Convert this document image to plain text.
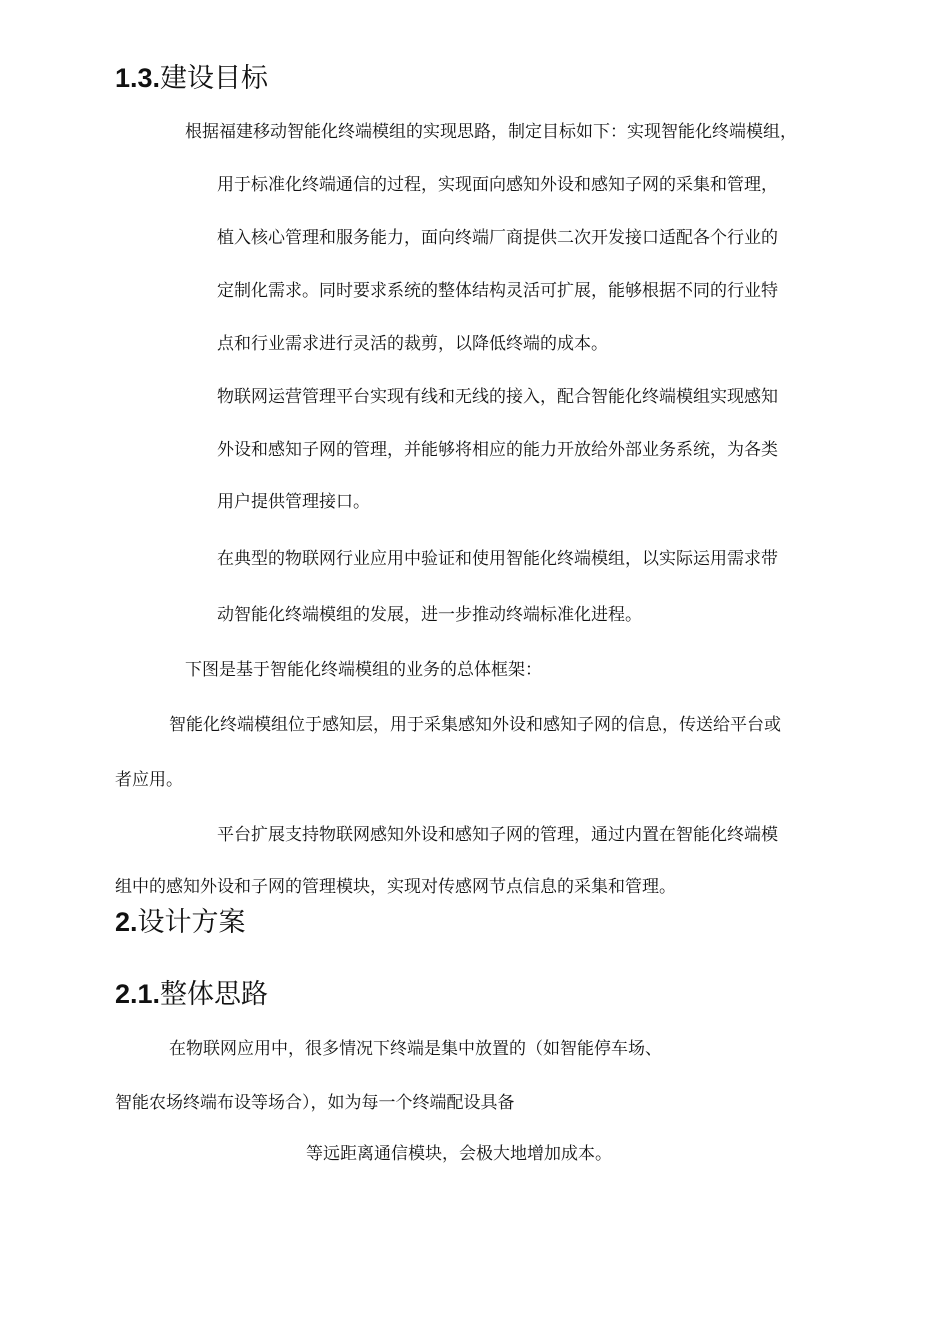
1.3.建设目标
根据福建移动智能化终端模组的实现思路，制定目标如下：实现智能化终端模组，
用于标准化终端通信的过程，实现面向感知外设和感知子网的采集和管理，
植入核心管理和服务能力，面向终端厂商提供二次开发接口适配各个行业的
定制化需求。同时要求系统的整体结构灵活可扩展，能够根据不同的行业特
点和行业需求进行灵活的裁剪，以降低终端的成本。
物联网运营管理平台实现有线和无线的接入，配合智能化终端模组实现感知
外设和感知子网的管理，并能够将相应的能力开放给外部业务系统，为各类
用户提供管理接口。
在典型的物联网行业应用中验证和使用智能化终端模组，以实际运用需求带
动智能化终端模组的发展，进一步推动终端标准化进程。
下图是基于智能化终端模组的业务的总体框架：
智能化终端模组位于感知层，用于采集感知外设和感知子网的信息，传送给平台或
者应用。
平台扩展支持物联网感知外设和感知子网的管理，通过内置在智能化终端模
组中的感知外设和子网的管理模块，实现对传感网节点信息的采集和管理。
2.设计方案
2.1.整体思路
在物联网应用中，很多情况下终端是集中放置的（如智能停车场、
智能农场终端布设等场合），如为每一个终端配设具备
等远距离通信模块，会极大地增加成本。
